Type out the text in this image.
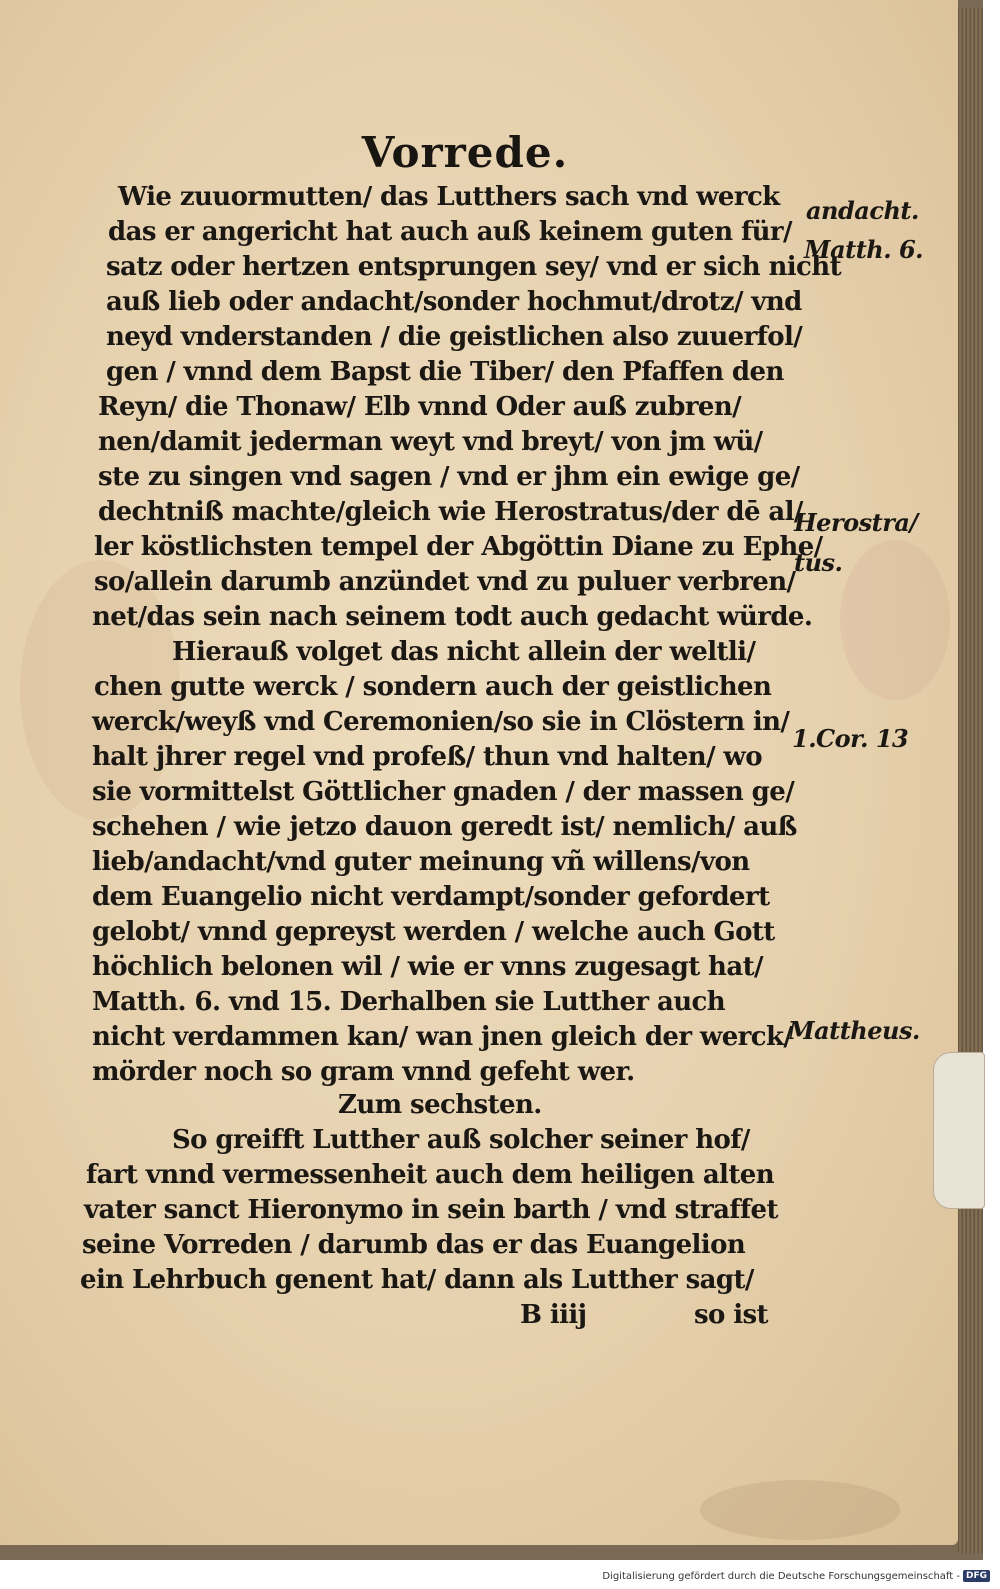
Vorrede.
Wie zuuormutten/ das Lutthers sach vnd werck
das er angericht hat auch auß keinem guten für/
satz oder hertzen entsprungen sey/ vnd er sich nicht
auß lieb oder andacht/sonder hochmut/drotz/ vnd
neyd vnderstanden / die geistlichen also zuuerfol/
gen / vnnd dem Bapst die Tiber/ den Pfaffen den
Reyn/ die Thonaw/ Elb vnnd Oder auß zubren/
nen/damit jederman weyt vnd breyt/ von jm wü/
ste zu singen vnd sagen / vnd er jhm ein ewige ge/
dechtniß machte/gleich wie Herostratus/der dē al/
ler köstlichsten tempel der Abgöttin Diane zu Ephe/
so/allein darumb anzündet vnd zu puluer verbren/
net/das sein nach seinem todt auch gedacht würde.
Hierauß volget das nicht allein der weltli/
chen gutte werck / sondern auch der geistlichen
werck/weyß vnd Ceremonien/so sie in Clöstern in/
halt jhrer regel vnd profeß/ thun vnd halten/ wo
sie vormittelst Göttlicher gnaden / der massen ge/
schehen / wie jetzo dauon geredt ist/ nemlich/ auß
lieb/andacht/vnd guter meinung vñ willens/von
dem Euangelio nicht verdampt/sonder gefordert
gelobt/ vnnd gepreyst werden / welche auch Gott
höchlich belonen wil / wie er vnns zugesagt hat/
Matth. 6. vnd 15. Derhalben sie Lutther auch
nicht verdammen kan/ wan jnen gleich der werck/
mörder noch so gram vnnd gefeht wer.
Zum sechsten.
So greifft Lutther auß solcher seiner hof/
fart vnnd vermessenheit auch dem heiligen alten
vater sanct Hieronymo in sein barth / vnd straffet
seine Vorreden / darumb das er das Euangelion
ein Lehrbuch genent hat/ dann als Lutther sagt/
B iiij	so ist
andacht.
Matth. 6.
Herostra/
tus.
1.Cor. 13
Mattheus.
Digitalisierung gefördert durch die Deutsche Forschungsgemeinschaft - DFG
